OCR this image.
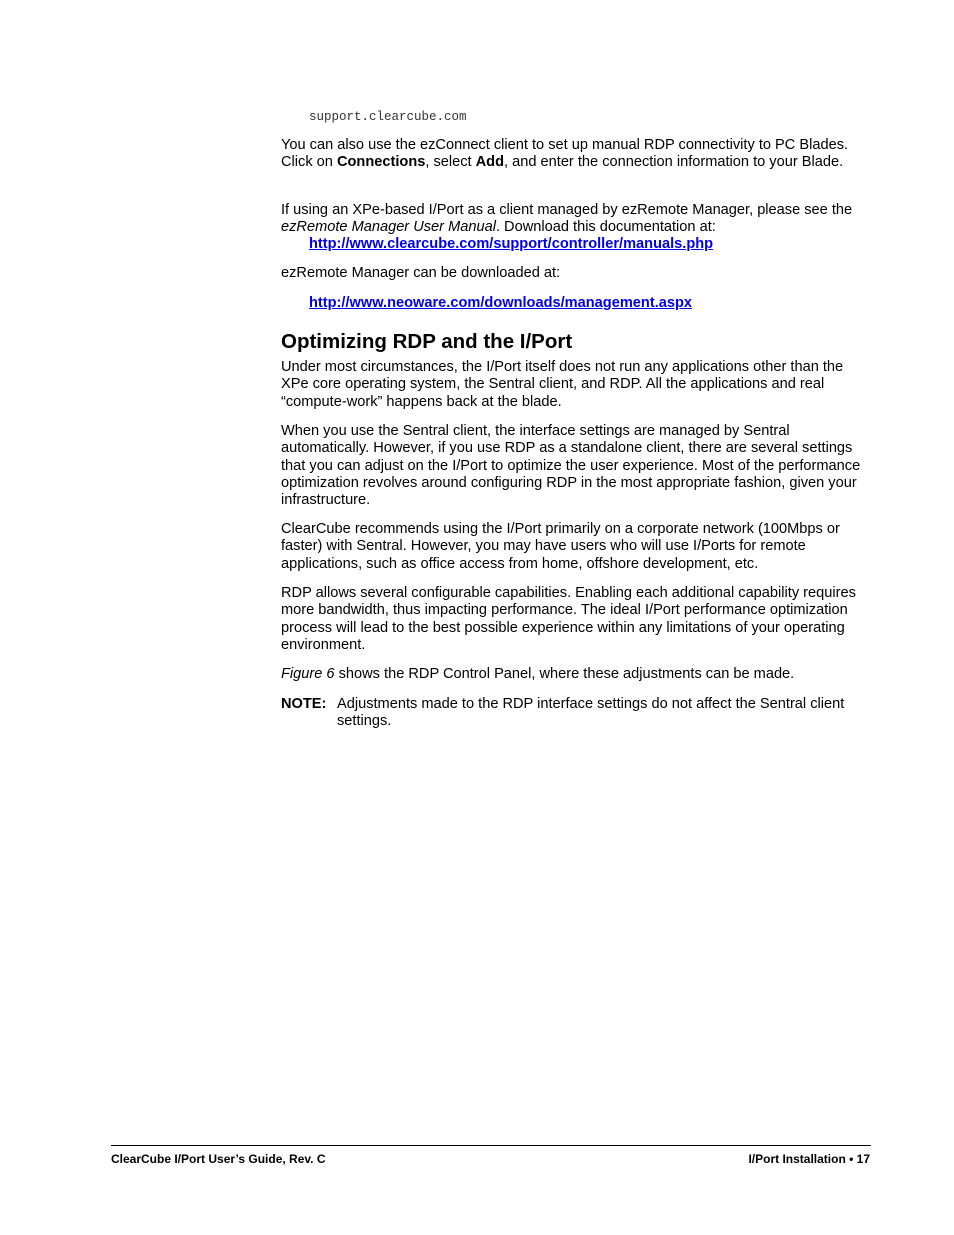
support.clearcube.com

You can also use the ezConnect client to set up manual RDP connectivity to PC Blades. Click on Connections, select Add, and enter the connection information to your Blade.

If using an XPe-based I/Port as a client managed by ezRemote Manager, please see the ezRemote Manager User Manual. Download this documentation at:

http://www.clearcube.com/support/controller/manuals.php

ezRemote Manager can be downloaded at:

http://www.neoware.com/downloads/management.aspx
Optimizing RDP and the I/Port

Under most circumstances, the I/Port itself does not run any applications other than the XPe core operating system, the Sentral client, and RDP. All the applications and real “compute-work” happens back at the blade.

When you use the Sentral client, the interface settings are managed by Sentral automatically. However, if you use RDP as a standalone client, there are several settings that you can adjust on the I/Port to optimize the user experience. Most of the performance optimization revolves around configuring RDP in the most appropriate fashion, given your infrastructure.

ClearCube recommends using the I/Port primarily on a corporate network (100Mbps or faster) with Sentral. However, you may have users who will use I/Ports for remote applications, such as office access from home, offshore development, etc.

RDP allows several configurable capabilities. Enabling each additional capability requires more bandwidth, thus impacting performance. The ideal I/Port performance optimization process will lead to the best possible experience within any limitations of your operating environment.

Figure 6 shows the RDP Control Panel, where these adjustments can be made.

NOTE: Adjustments made to the RDP interface settings do not affect the Sentral client settings.
ClearCube I/Port User’s Guide, Rev. C	I/Port Installation • 17
